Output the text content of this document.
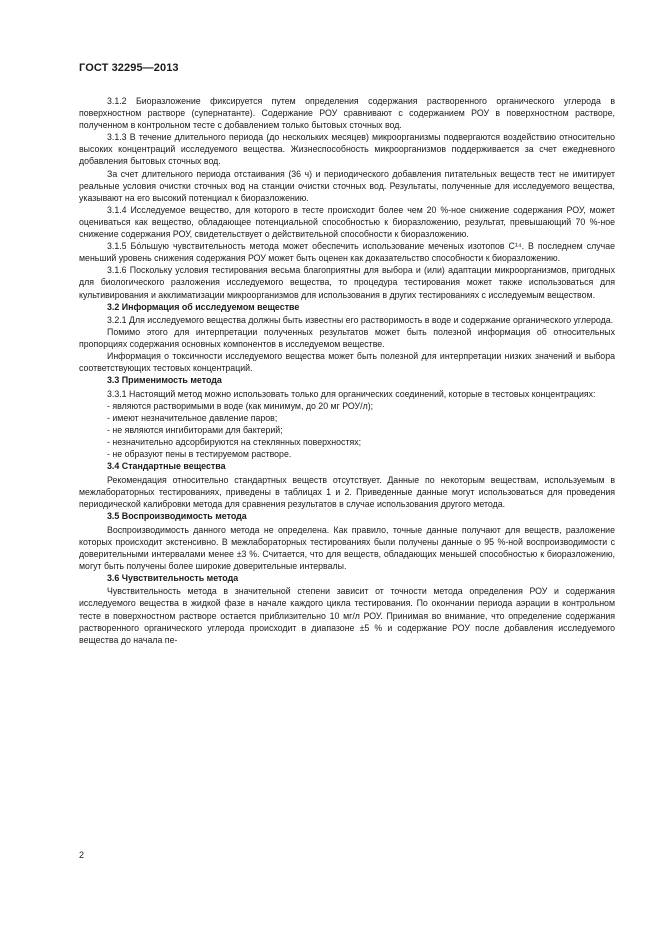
ГОСТ 32295—2013

3.1.2 Биоразложение фиксируется путем определения содержания растворенного органического углерода в поверхностном растворе (супернатанте). Содержание РОУ сравнивают с содержанием РОУ в поверхностном растворе, полученном в контрольном тесте с добавлением только бытовых сточных вод.

3.1.3 В течение длительного периода (до нескольких месяцев) микроорганизмы подвергаются воздействию относительно высоких концентраций исследуемого вещества. Жизнеспособность микроорганизмов поддерживается за счет ежедневного добавления бытовых сточных вод.

За счет длительного периода отстаивания (36 ч) и периодического добавления питательных веществ тест не имитирует реальные условия очистки сточных вод на станции очистки сточных вод. Результаты, полученные для исследуемого вещества, указывают на его высокий потенциал к биоразложению.

3.1.4 Исследуемое вещество, для которого в тесте происходит более чем 20 %-ное снижение содержания РОУ, может оцениваться как вещество, обладающее потенциальной способностью к биоразложению, результат, превышающий 70 %-ное снижение содержания РОУ, свидетельствует о действительной способности к биоразложению.

3.1.5 Бо́льшую чувствительность метода может обеспечить использование меченых изотопов С¹⁴. В последнем случае меньший уровень снижения содержания РОУ может быть оценен как доказательство способности к биоразложению.

3.1.6 Поскольку условия тестирования весьма благоприятны для выбора и (или) адаптации микроорганизмов, пригодных для биологического разложения исследуемого вещества, то процедура тестирования может также использоваться для культивирования и акклиматизации микроорганизмов для использования в других тестированиях с исследуемым веществом.

3.2 Информация об исследуемом веществе

3.2.1 Для исследуемого вещества должны быть известны его растворимость в воде и содержание органического углерода.

Помимо этого для интерпретации полученных результатов может быть полезной информация об относительных пропорциях содержания основных компонентов в исследуемом веществе.

Информация о токсичности исследуемого вещества может быть полезной для интерпретации низких значений и выбора соответствующих тестовых концентраций.

3.3 Применимость метода

3.3.1 Настоящий метод можно использовать только для органических соединений, которые в тестовых концентрациях:

- являются растворимыми в воде (как минимум, до 20 мг РОУ/л);
- имеют незначительное давление паров;
- не являются ингибиторами для бактерий;
- незначительно адсорбируются на стеклянных поверхностях;
- не образуют пены в тестируемом растворе.
3.4 Стандартные вещества

Рекомендация относительно стандартных веществ отсутствует. Данные по некоторым веществам, используемым в межлабораторных тестированиях, приведены в таблицах 1 и 2. Приведенные данные могут использоваться для проведения периодической калибровки метода для сравнения результатов в случае использования другого метода.

3.5 Воспроизводимость метода

Воспроизводимость данного метода не определена. Как правило, точные данные получают для веществ, разложение которых происходит экстенсивно. В межлабораторных тестированиях были получены данные о 95 %-ной воспроизводимости с доверительными интервалами менее ±3 %. Считается, что для веществ, обладающих меньшей способностью к биоразложению, могут быть получены более широкие доверительные интервалы.

3.6 Чувствительность метода

Чувствительность метода в значительной степени зависит от точности метода определения РОУ и содержания исследуемого вещества в жидкой фазе в начале каждого цикла тестирования. По окончании периода аэрации в контрольном тесте в поверхностном растворе остается приблизительно 10 мг/л РОУ. Принимая во внимание, что определение содержания растворенного органического углерода происходит в диапазоне ±5 % и содержание РОУ после добавления исследуемого вещества до начала пе-

2
